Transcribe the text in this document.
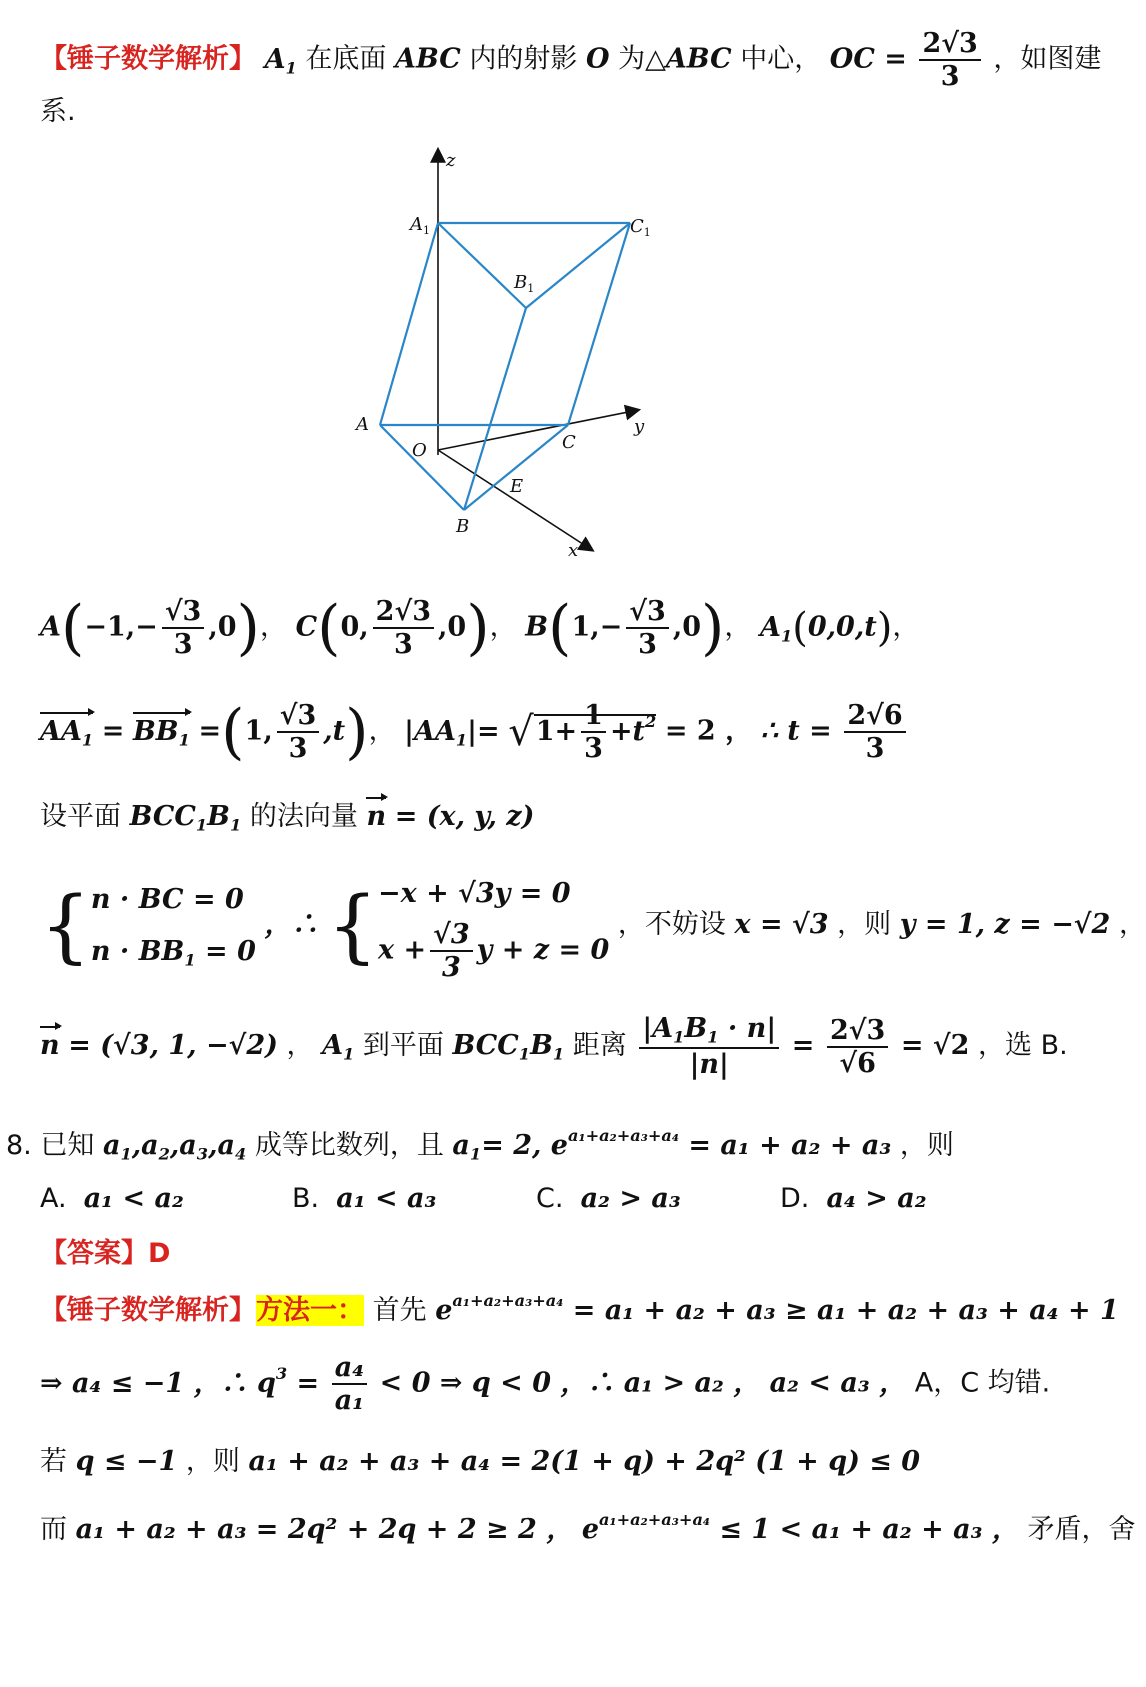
【锤子数学解析】 $A_1$ 在底面 ABC 内的射影 O 为△ABC 中心， OC = $\frac{2√3}{3}$ ，如图建
系.
z
$A_1$	$C_1$
$B_1$
A	y
O	C
E
B
x
$A(-1,- \frac{√3}{3} ,0)$， C(0, $\frac{2√3}{3} ,0$)， $B(1,- \frac{√3}{3} ,0)$， $A_1(0,0,t)$，
$AA_1 = BB_1 =(1$, $\frac{√3}{3} ,t$)， $|AA_1|= √1+ \frac{1}{3} +t^2 = 2$ ， ∴ $t = \frac{2√6}{3}$
设平面 $BCC_1B_1$ 的法向量 n = (x, y, z)
{n · BC = 0
$n \cdot BB_1 = 0$ ，∴ {−x + √3y = 0
$x + \frac{√3}{3}$ y + z = 0 ，不妨设 x = √3 ，则 y = 1, z = −√2 ，
n = (√3, 1, −√2) ， $A_1$ 到平面 $BCC_1B_1$ 距离 $\frac{|A_1B_1 \cdot n|}{|n|} = \frac{2√3}{√6} = √2$ ，选 B.
8. 已知 $a_1,a_2,a_3,a_4$ 成等比数列，且 $a_1= 2$, $e^{a_1+a_2+a_3+a_4} = a_1 + a_2 + a_3$ ，则
A. a₁ < a₂	B. a₁ < a₃	C. a₂ > a₃	D. a₄ > a₂
【答案】D
【锤子数学解析】方法一： 首先 $e^{a_1+a_2+a_3+a_4} = a_1 + a_2 + a_3 \ge a_1 + a_2 + a_3 + a_4 + 1$
⇒ a₄ ≤ −1 ，∴ $q^3 = \frac{\text{a₄}}{\text{a₁}} < 0$ ⇒ q < 0 ，∴ a₁ > a₂ ， a₂ < a₃ ， A，C 均错.
若 q ≤ −1 ，则 a₁ + a₂ + a₃ + a₄ = 2(1 + q) + 2q² (1 + q) ≤ 0
而 a₁ + a₂ + a₃ = 2q² + 2q + 2 ≥ 2 ， $e^{a_1+a_2+a_3+a_4} \le 1 < a_1 + a_2 + a_3$ ， 矛盾，舍
